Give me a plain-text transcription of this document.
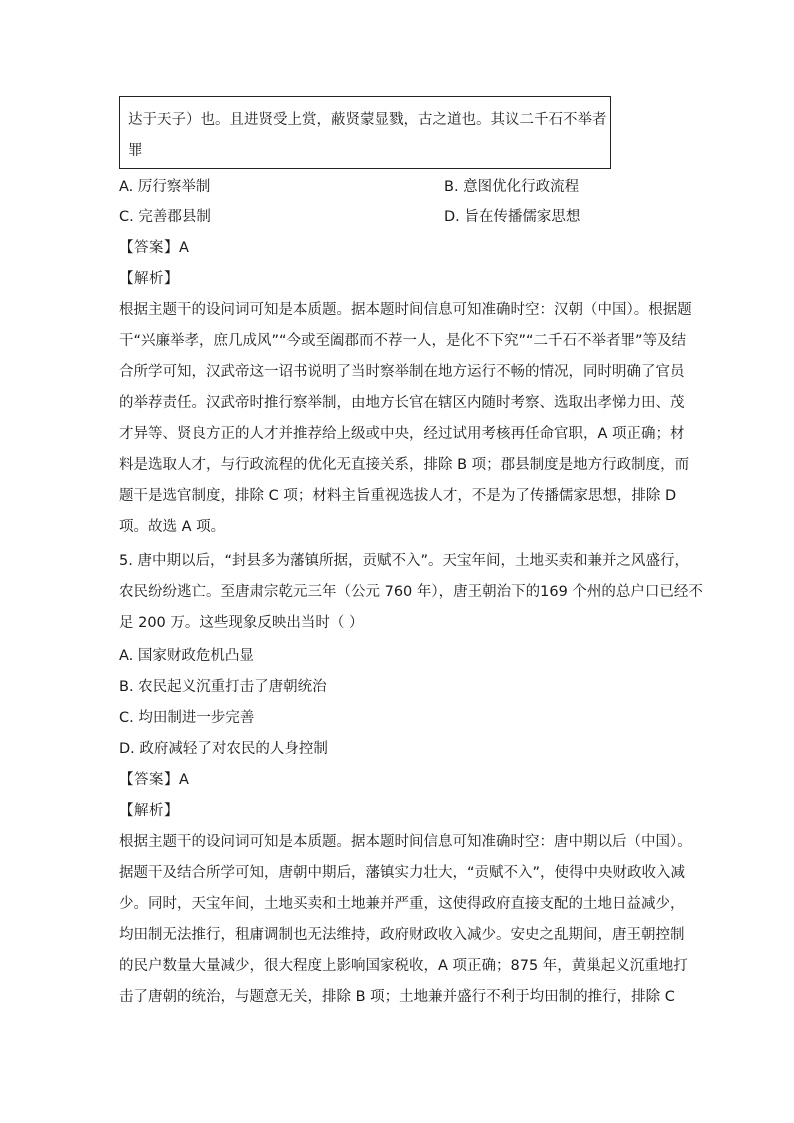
达于天子）也。且进贤受上赏，蔽贤蒙显戮，古之道也。其议二千石不举者
罪
A. 厉行察举制	B. 意图优化行政流程
C. 完善郡县制	D. 旨在传播儒家思想
【答案】A
【解析】
根据主题干的设问词可知是本质题。据本题时间信息可知准确时空：汉朝（中国）。根据题
干“兴廉举孝，庶几成风”“今或至阖郡而不荐一人，是化不下究”“二千石不举者罪”等及结
合所学可知，汉武帝这一诏书说明了当时察举制在地方运行不畅的情况，同时明确了官员
的举荐责任。汉武帝时推行察举制，由地方长官在辖区内随时考察、选取出孝悌力田、茂
才异等、贤良方正的人才并推荐给上级或中央，经过试用考核再任命官职，A 项正确；材
料是选取人才，与行政流程的优化无直接关系，排除 B 项；郡县制度是地方行政制度，而
题干是选官制度，排除 C 项；材料主旨重视选拔人才，不是为了传播儒家思想，排除 D
项。故选 A 项。
5. 唐中期以后，“封县多为藩镇所据，贡赋不入”。天宝年间，土地买卖和兼并之风盛行，
农民纷纷逃亡。至唐肃宗乾元三年（公元 760 年），唐王朝治下的169 个州的总户口已经不
足 200 万。这些现象反映出当时（ ）
A. 国家财政危机凸显
B. 农民起义沉重打击了唐朝统治
C. 均田制进一步完善
D. 政府减轻了对农民的人身控制
【答案】A
【解析】
根据主题干的设问词可知是本质题。据本题时间信息可知准确时空：唐中期以后（中国）。
据题干及结合所学可知，唐朝中期后，藩镇实力壮大，“贡赋不入”，使得中央财政收入减
少。同时，天宝年间，土地买卖和土地兼并严重，这使得政府直接支配的土地日益减少，
均田制无法推行，租庸调制也无法维持，政府财政收入减少。安史之乱期间，唐王朝控制
的民户数量大量减少，很大程度上影响国家税收，A 项正确；875 年，黄巢起义沉重地打
击了唐朝的统治，与题意无关，排除 B 项；土地兼并盛行不利于均田制的推行，排除 C
